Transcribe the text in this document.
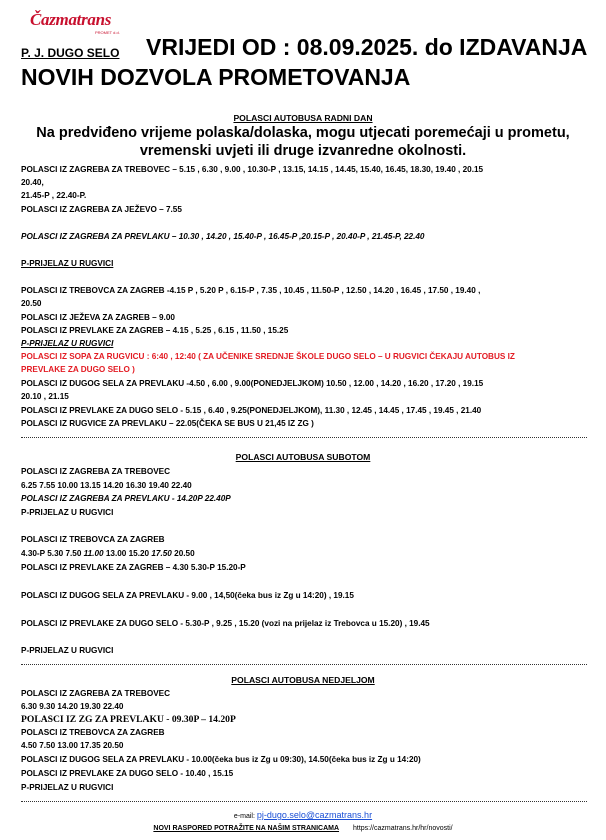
Čazmatrans
PROMET d.d.
P. J. DUGO SELO VRIJEDI OD : 08.09.2025. do IZDAVANJA
NOVIH DOZVOLA PROMETOVANJA
POLASCI AUTOBUSA RADNI DAN
Na predviđeno vrijeme polaska/dolaska, mogu utjecati poremećaji u prometu,
vremenski uvjeti ili druge izvanredne okolnosti.
POLASCI IZ ZAGREBA ZA TREBOVEC – 5.15 , 6.30 , 9.00 , 10.30-P , 13.15, 14.15 , 14.45, 15.40, 16.45, 18.30, 19.40 , 20.15
20.40,
21.45-P , 22.40-P.
POLASCI IZ ZAGREBA ZA JEŽEVO – 7.55
POLASCI IZ ZAGREBA ZA PREVLAKU – 10.30 , 14.20 , 15.40-P , 16.45-P ,20.15-P , 20.40-P , 21.45-P, 22.40
P-PRIJELAZ U RUGVICI
POLASCI IZ TREBOVCA ZA ZAGREB -4.15 P , 5.20 P , 6.15-P , 7.35 , 10.45 , 11.50-P , 12.50 , 14.20 , 16.45 , 17.50 , 19.40 ,
20.50
POLASCI IZ JEŽEVA ZA ZAGREB – 9.00
POLASCI IZ PREVLAKE ZA ZAGREB – 4.15 , 5.25 , 6.15 , 11.50 , 15.25
P-PRIJELAZ U RUGVICI
POLASCI IZ SOPA ZA RUGVICU : 6:40 , 12:40 ( ZA UČENIKE SREDNJE ŠKOLE DUGO SELO – U RUGVICI ČEKAJU AUTOBUS IZ
PREVLAKE ZA DUGO SELO )
POLASCI IZ DUGOG SELA ZA PREVLAKU -4.50 , 6.00 , 9.00(PONEDJELJKOM) 10.50 , 12.00 , 14.20 , 16.20 , 17.20 , 19.15
20.10 , 21.15
POLASCI IZ PREVLAKE ZA DUGO SELO - 5.15 , 6.40 , 9.25(PONEDJELJKOM), 11.30 , 12.45 , 14.45 , 17.45 , 19.45 , 21.40
POLASCI IZ RUGVICE ZA PREVLAKU – 22.05(ČEKA SE BUS U 21,45 IZ ZG )
POLASCI AUTOBUSA SUBOTOM
POLASCI IZ ZAGREBA ZA TREBOVEC
6.25 7.55 10.00 13.15 14.20 16.30 19.40 22.40
POLASCI IZ ZAGREBA ZA PREVLAKU - 14.20P 22.40P
P-PRIJELAZ U RUGVICI
POLASCI IZ TREBOVCA ZA ZAGREB
4.30-P 5.30 7.50 11.00 13.00 15.20 17.50 20.50
POLASCI IZ PREVLAKE ZA ZAGREB – 4.30 5.30-P 15.20-P
POLASCI IZ DUGOG SELA ZA PREVLAKU - 9.00 , 14,50(čeka bus iz Zg u 14:20) , 19.15
POLASCI IZ PREVLAKE ZA DUGO SELO - 5.30-P , 9.25 , 15.20 (vozi na prijelaz iz Trebovca u 15.20) , 19.45
P-PRIJELAZ U RUGVICI
POLASCI AUTOBUSA NEDJELJOM
POLASCI IZ ZAGREBA ZA TREBOVEC
6.30 9.30 14.20 19.30 22.40
POLASCI IZ ZG ZA PREVLAKU - 09.30P – 14.20P
POLASCI IZ TREBOVCA ZA ZAGREB
4.50 7.50 13.00 17.35 20.50
POLASCI IZ DUGOG SELA ZA PREVLAKU - 10.00(čeka bus iz Zg u 09:30), 14.50(čeka bus iz Zg u 14:20)
POLASCI IZ PREVLAKE ZA DUGO SELO - 10.40 , 15.15
P-PRIJELAZ U RUGVICI
e-mail: pj-dugo.selo@cazmatrans.hr
NOVI RASPORED POTRAŽITE NA NAŠIM STRANICAMA https://cazmatrans.hr/hr/novosti/
